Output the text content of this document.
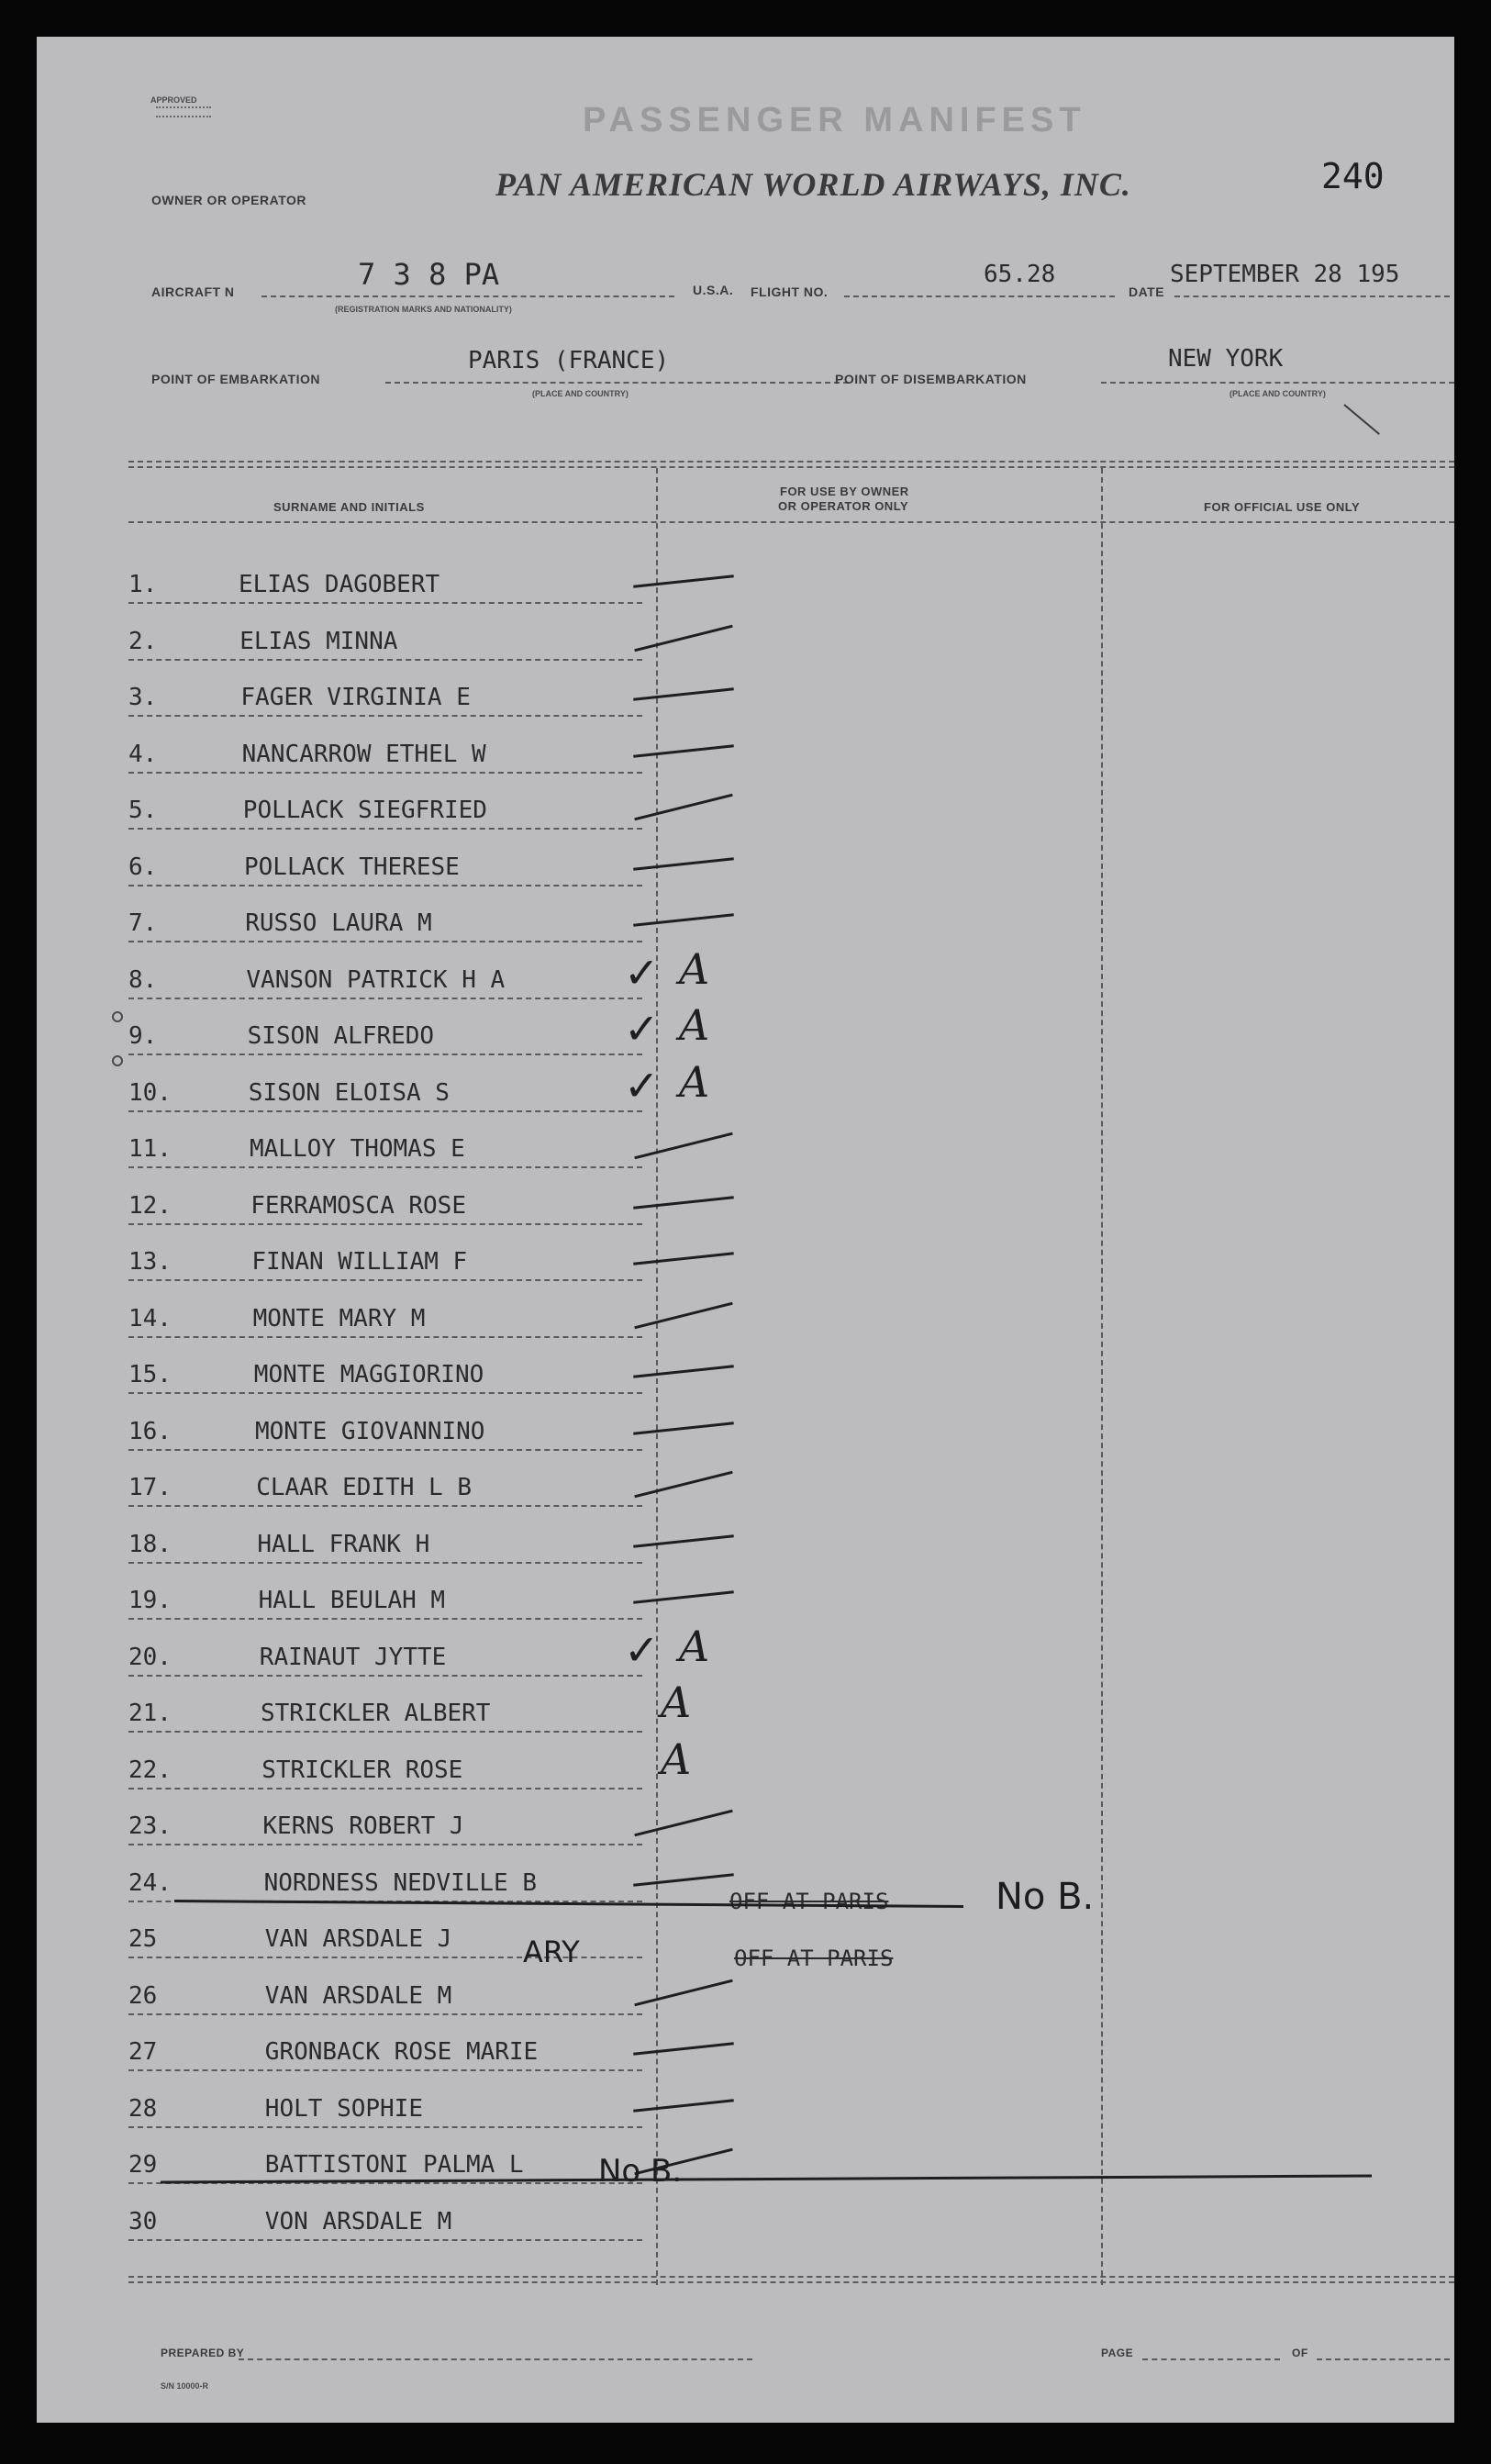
APPROVED
PASSENGER MANIFEST
OWNER OR OPERATOR	PAN AMERICAN WORLD AIRWAYS, INC.	240
AIRCRAFT N	7 3 8 PA
(REGISTRATION MARKS AND NATIONALITY)
U.S.A. FLIGHT NO.
65.28
DATE
SEPTEMBER 28 195
POINT OF EMBARKATION
PARIS (FRANCE)
(PLACE AND COUNTRY)
POINT OF DISEMBARKATION
NEW YORK
(PLACE AND COUNTRY)
SURNAME AND INITIALS
FOR USE BY OWNER
OR OPERATOR ONLY	FOR OFFICIAL USE ONLY
1.	ELIAS DAGOBERT
2.	ELIAS MINNA
3.	FAGER VIRGINIA E
4.	NANCARROW ETHEL W
5.	POLLACK SIEGFRIED
6.	POLLACK THERESE
7.	RUSSO LAURA M
8.	VANSON PATRICK H A	✓ A
9.	SISON ALFREDO	✓ A
10.	SISON ELOISA S	✓ A
11.	MALLOY THOMAS E
12.	FERRAMOSCA ROSE
13.	FINAN WILLIAM F
14.	MONTE MARY M
15.	MONTE MAGGIORINO
16.	MONTE GIOVANNINO
17.	CLAAR EDITH L B
18.	HALL FRANK H
19.	HALL BEULAH M
20.	RAINAUT JYTTE	✓ A
21.	STRICKLER ALBERT	A
22.	STRICKLER ROSE	A
23.	KERNS ROBERT J
24.	NORDNESS NEDVILLE B
25	VAN ARSDALE J
26	VAN ARSDALE M
27	GRONBACK ROSE MARIE
28	HOLT SOPHIE
29	BATTISTONI PALMA L
30	VON ARSDALE M
OFF AT PARIS	No B.
OFF AT PARIS
ARY
No B.
PREPARED BY	PAGE	OF
S/N 10000-R
